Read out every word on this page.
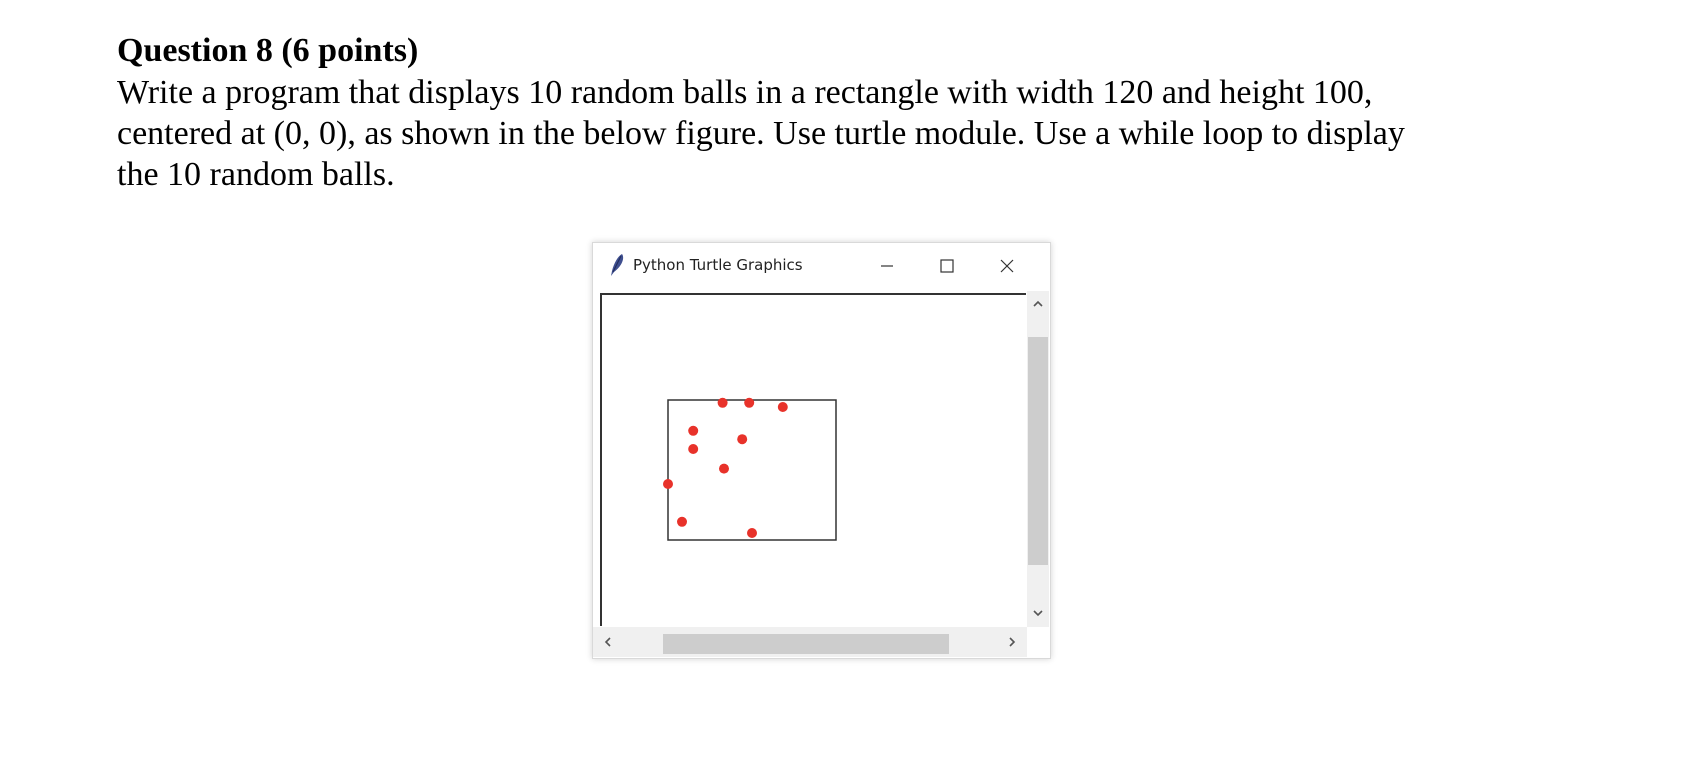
Question 8 (6 points)

Write a program that displays 10 random balls in a rectangle with width 120 and height 100,
centered at (0, 0), as shown in the below figure. Use turtle module. Use a while loop to display
the 10 random balls.

Python Turtle Graphics
